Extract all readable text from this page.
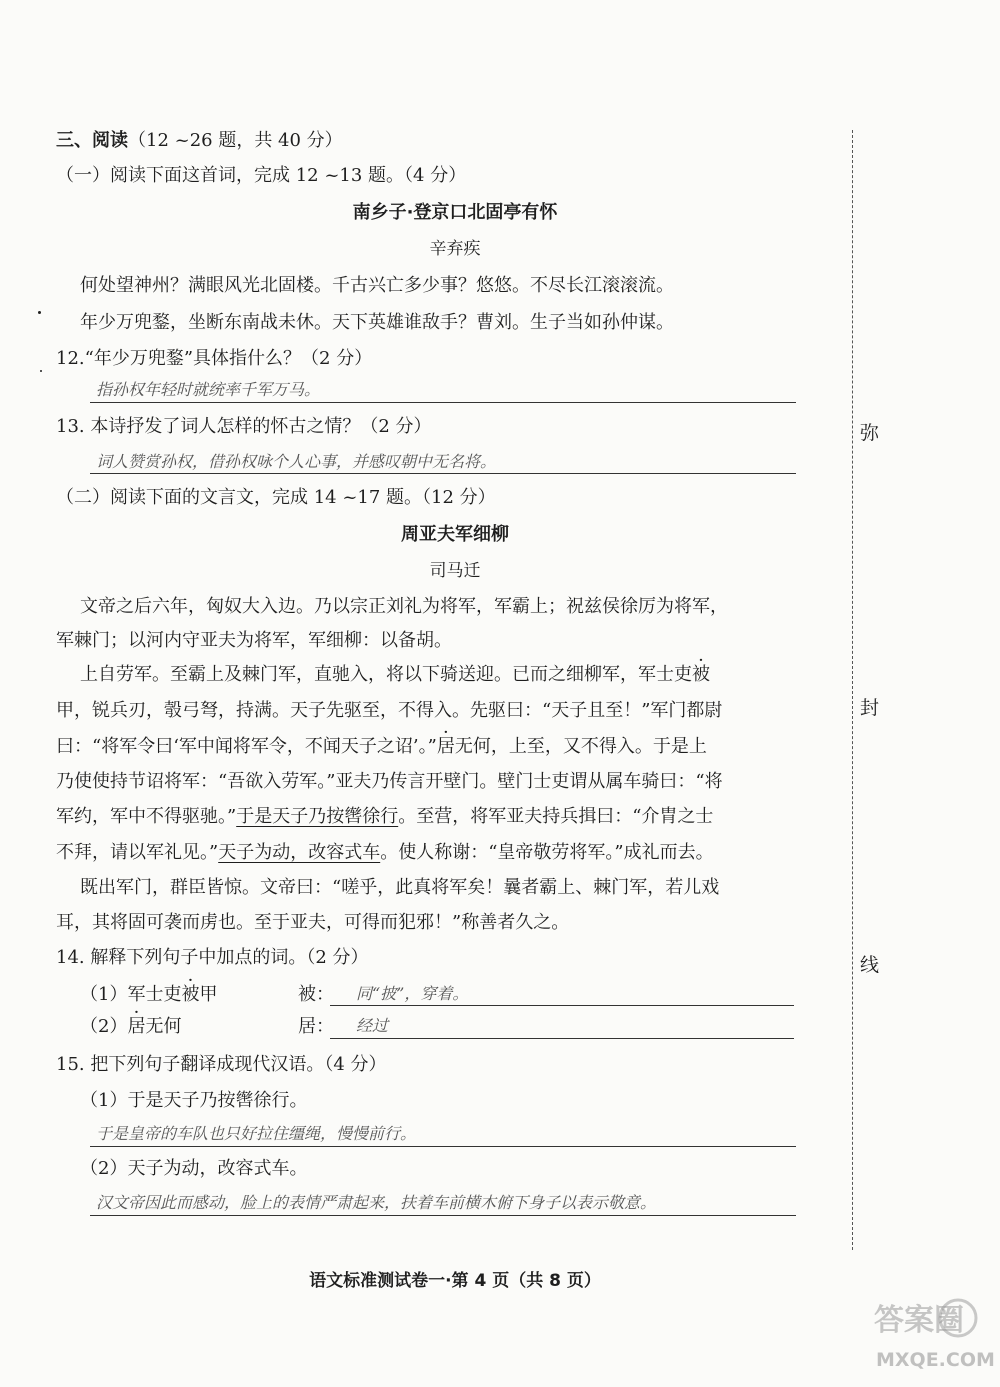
三、阅读（12 ~26 题，共 40 分）
（一）阅读下面这首词，完成 12 ~13 题。（4 分）
南乡子·登京口北固亭有怀
辛弃疾
何处望神州？满眼风光北固楼。千古兴亡多少事？悠悠。不尽长江滚滚流。
年少万兜鍪，坐断东南战未休。天下英雄谁敌手？曹刘。生子当如孙仲谋。
12.“年少万兜鍪”具体指什么？（2 分）
指孙权年轻时就统率千军万马。
13. 本诗抒发了词人怎样的怀古之情？（2 分）
词人赞赏孙权，借孙权咏个人心事，并感叹朝中无名将。
（二）阅读下面的文言文，完成 14 ~17 题。（12 分）
周亚夫军细柳
司马迁
文帝之后六年，匈奴大入边。乃以宗正刘礼为将军，军霸上；祝兹侯徐厉为将军，
军棘门；以河内守亚夫为将军，军细柳：以备胡。
上自劳军。至霸上及棘门军，直驰入，将以下骑送迎。已而之细柳军，军士吏被
甲，锐兵刃，彀弓弩，持满。天子先驱至，不得入。先驱曰：“天子且至！”军门都尉
曰：“将军令曰‘军中闻将军令，不闻天子之诏’。”居无何，上至，又不得入。于是上
乃使使持节诏将军：“吾欲入劳军。”亚夫乃传言开壁门。壁门士吏谓从属车骑曰：“将
军约，军中不得驱驰。”于是天子乃按辔徐行。至营，将军亚夫持兵揖曰：“介胄之士
不拜，请以军礼见。”天子为动，改容式车。使人称谢：“皇帝敬劳将军。”成礼而去。
既出军门，群臣皆惊。文帝曰：“嗟乎，此真将军矣！曩者霸上、棘门军，若儿戏
耳，其将固可袭而虏也。至于亚夫，可得而犯邪！”称善者久之。
14. 解释下列句子中加点的词。（2 分）
（1）军士吏被甲	被： 同“披”，穿着。
（2）居无何	居： 经过
15. 把下列句子翻译成现代汉语。（4 分）
（1）于是天子乃按辔徐行。
于是皇帝的车队也只好拉住缰绳，慢慢前行。
（2）天子为动，改容式车。
汉文帝因此而感动，脸上的表情严肃起来，扶着车前横木俯下身子以表示敬意。
弥
封
线
语文标准测试卷一·第 4 页（共 8 页）
答案圈
MXQE.COM
